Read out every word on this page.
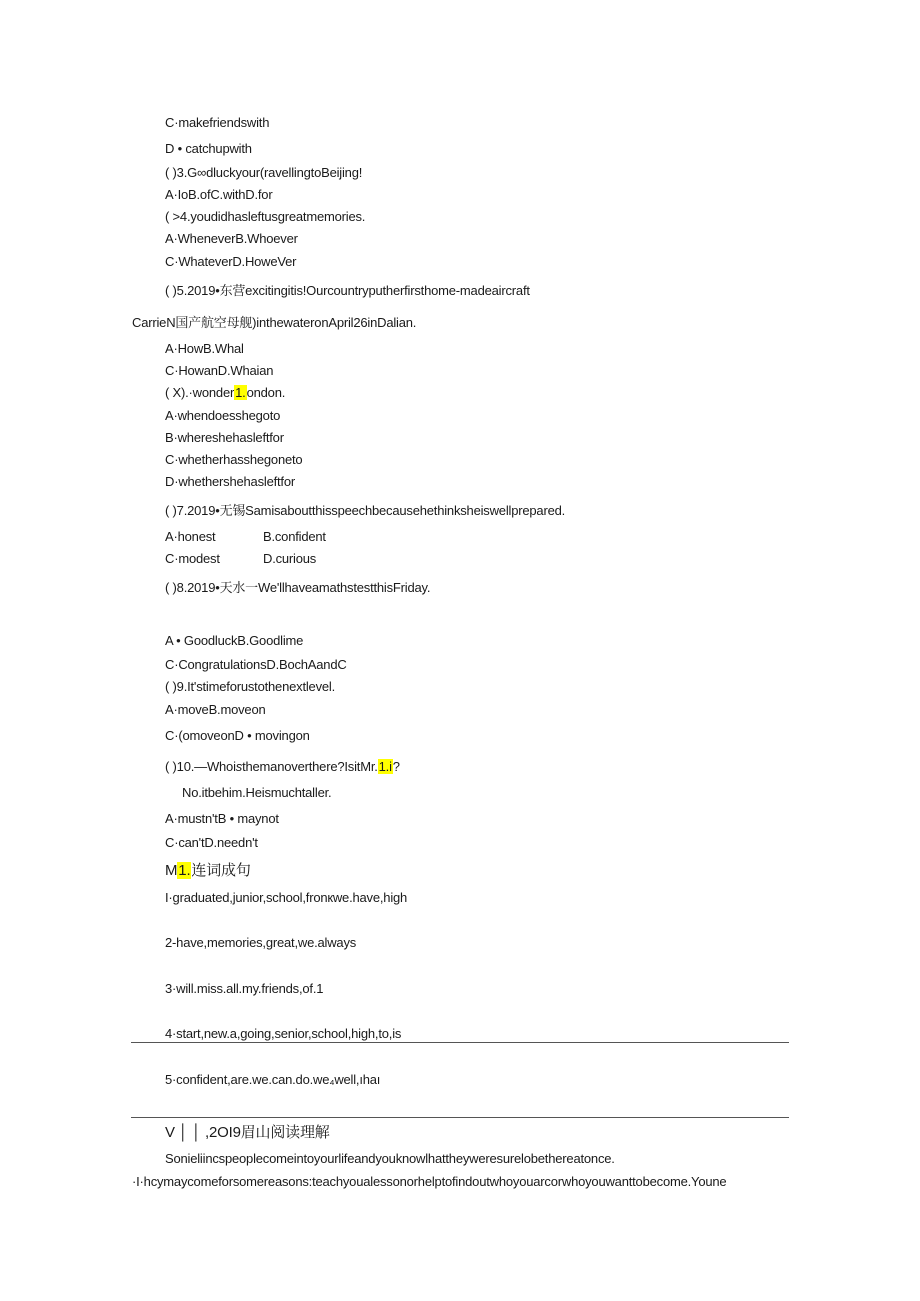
C·makefriendswith
D • catchupwith
( )3.G∞dluckyour(ravellingtoBeijing!
A·IoB.ofC.withD.for
( >4.youdidhasleftusgreatmemories.
A·WheneverB.Whoever
C·WhateverD.HoweVer
( )5.2019•东营excitingitis!Ourcountryputherfirsthome-madeaircraft
CarrieN国产航空母舰)inthewateronApril26inDalian.
A·HowB.Whal
C·HowanD.Whaian
( X).·wonder1.ondon.
A·whendoesshegoto
B·whereshehasleftfor
C·whetherhasshegoneto
D·whethershehasleftfor
( )7.2019•无锡Samisaboutthisspeechbecausehethinksheiswellprepared.
A·honest	B.confident
C·modest	D.curious
( )8.2019•天水一We'llhaveamathstestthisFriday.
A • GoodluckB.Goodlime
C·CongratulationsD.BochAandC
( )9.It'stimeforustothenextlevel.
A·moveB.moveon
C·(omoveonD • movingon
( )10.—Whoisthemanoverthere?IsitMr.1.i?
No.itbehim.Heismuchtaller.
A·mustn'tB • maynot
C·can'tD.needn't
M1.连词成句
I·graduated,junior,school,fronкwe.have,high
2-have,memories,great,we.always
3·will.miss.all.my.friends,of.1
4·start,new.a,going,senior,school,high,to,is
5·confident,are.we.can.do.we₄well,ıhaı
V │ │ ,2OI9眉山阅读理解
Sonieliincspeoplecomeintoyourlifeandyouknowlhattheyweresurelobethereatonce.
·I·hcymaycomeforsomereasons:teachyoualessonorhelptofindoutwhoyouarcorwhoyouwanttobecome.Youne
